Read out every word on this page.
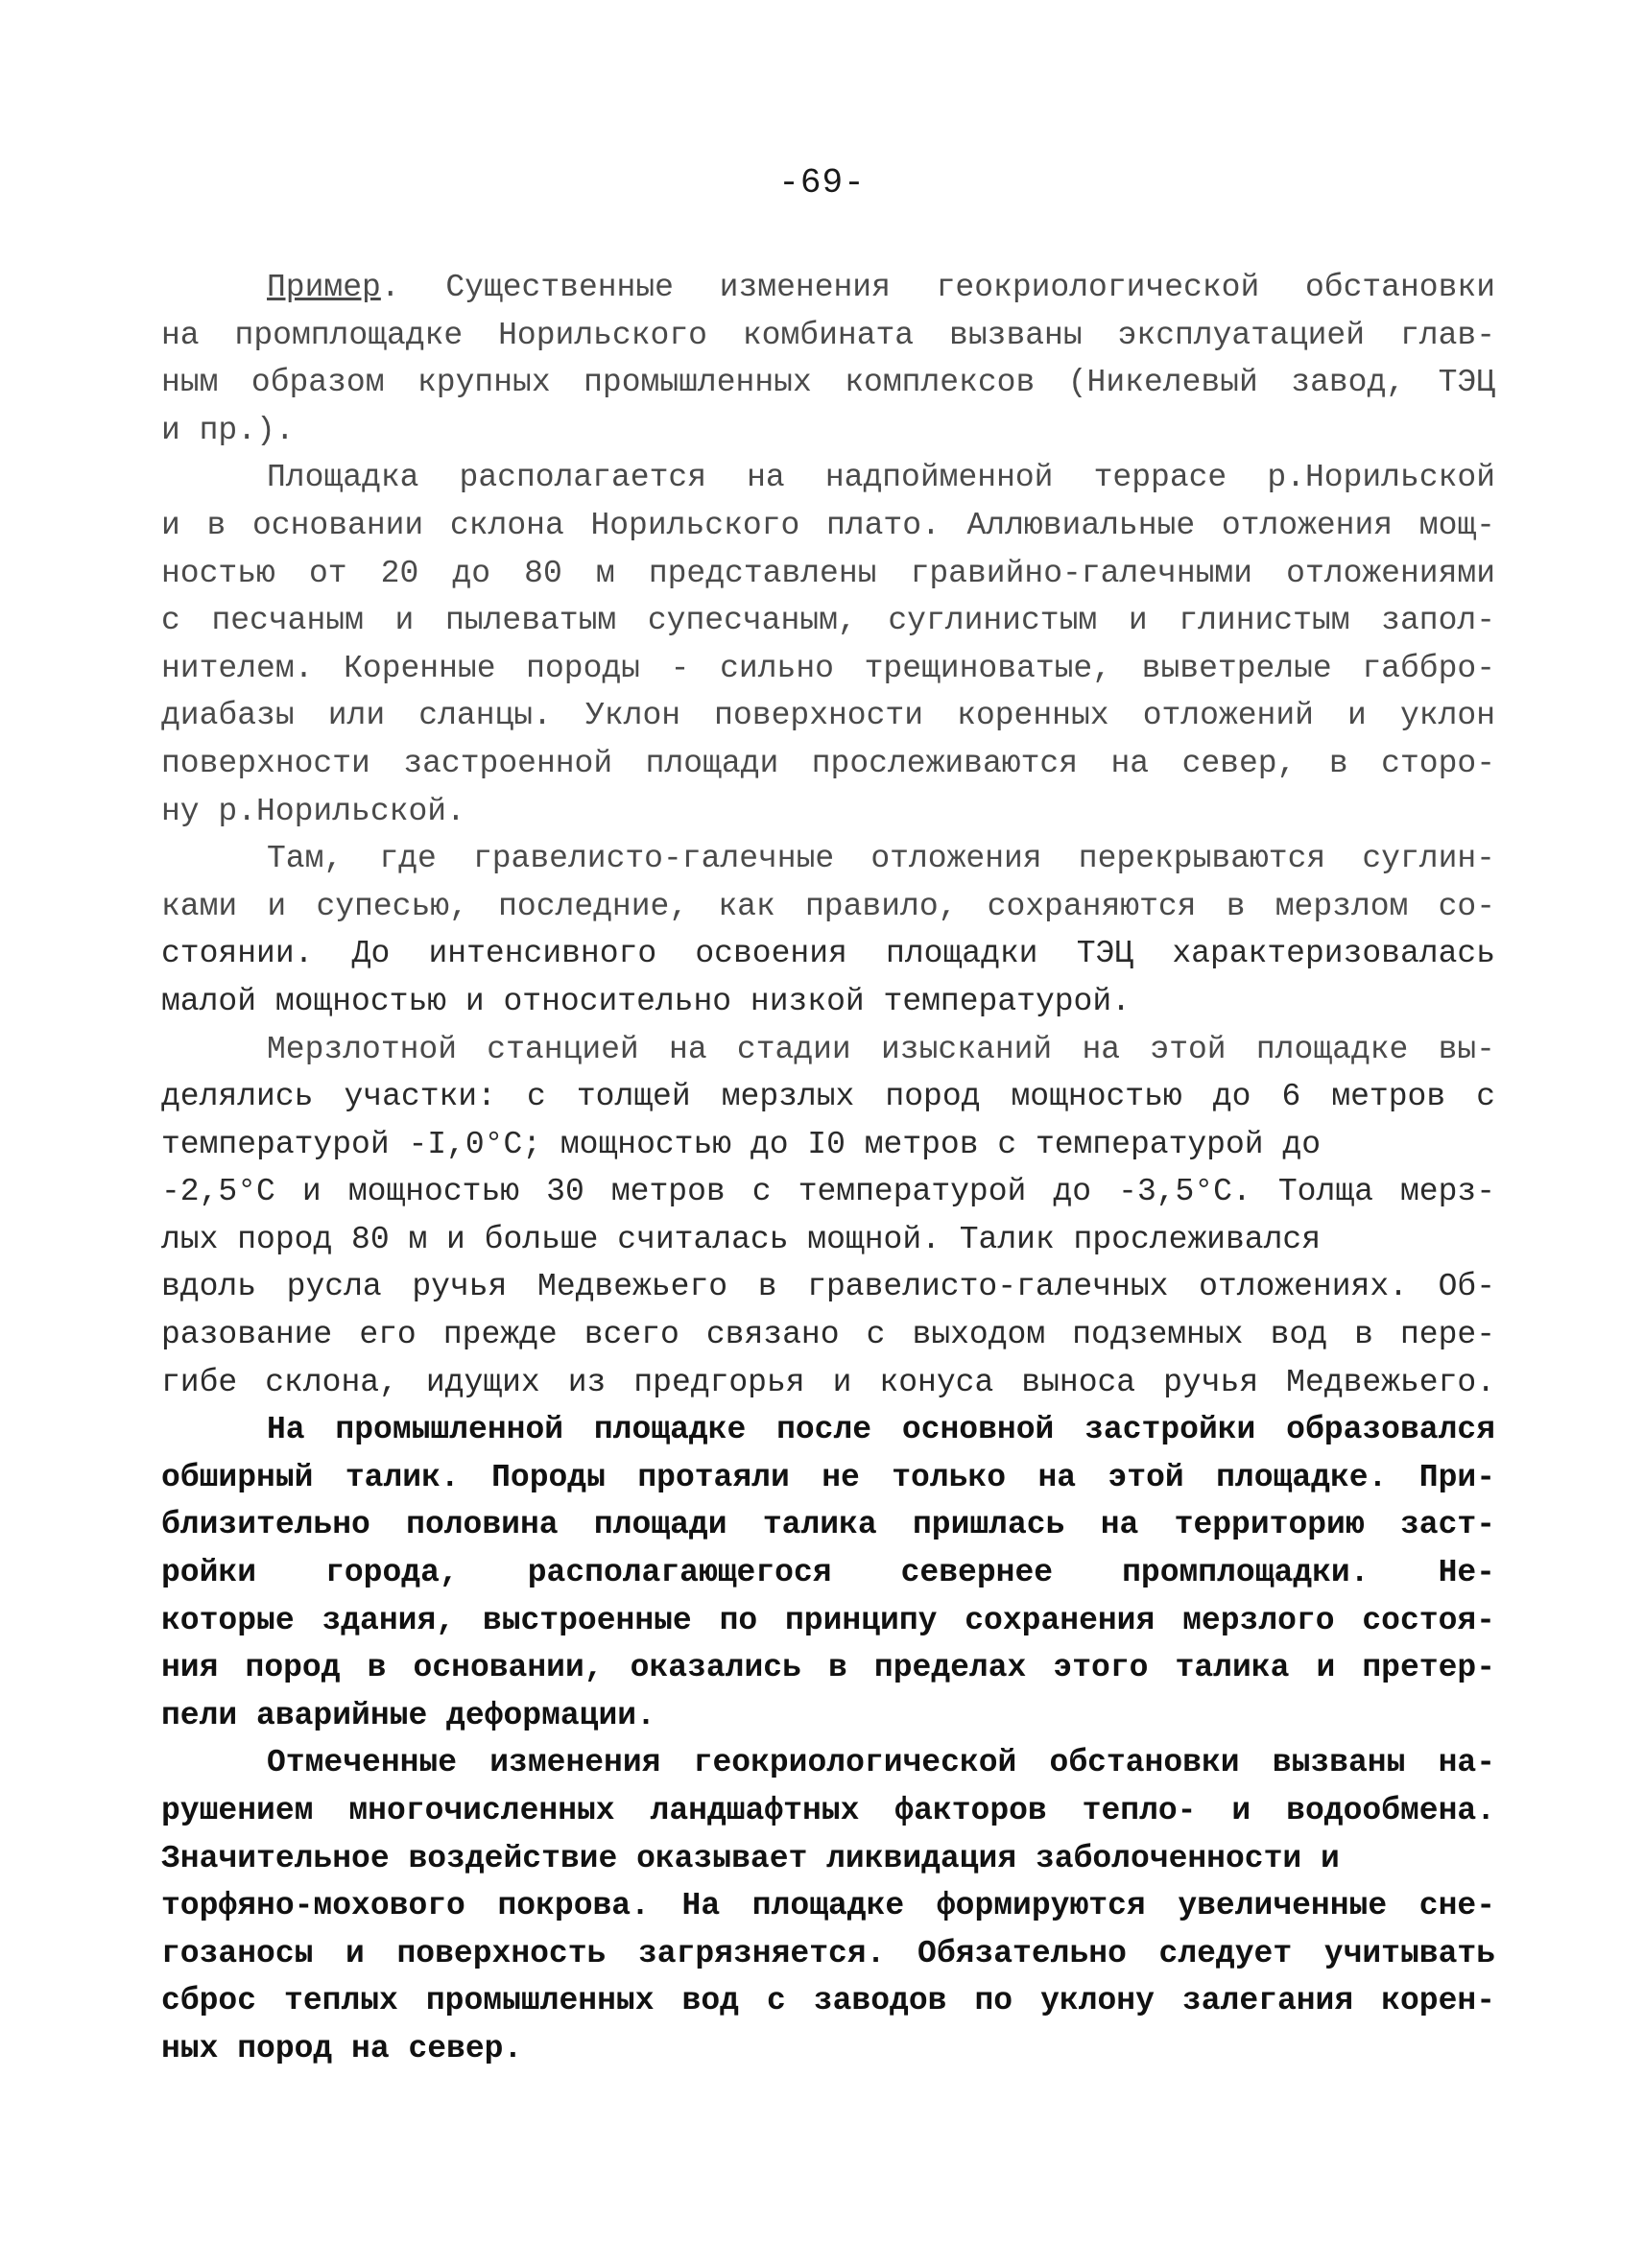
-69-
Пример. Существенные изменения геокриологической обстановки
на промплощадке Норильского комбината вызваны эксплуатацией глав-
ным образом крупных промышленных комплексов (Никелевый завод, ТЭЦ
и пр.).
Площадка располагается на надпойменной террасе р.Норильской
и в основании склона Норильского плато. Аллювиальные отложения мощ-
ностью от 20 до 80 м представлены гравийно-галечными отложениями
с песчаным и пылеватым супесчаным, суглинистым и глинистым запол-
нителем. Коренные породы - сильно трещиноватые, выветрелые габбро-
диабазы или сланцы. Уклон поверхности коренных отложений и уклон
поверхности застроенной площади прослеживаются на север, в сторо-
ну р.Норильской.
Там, где гравелисто-галечные отложения перекрываются суглин-
ками и супесью, последние, как правило, сохраняются в мерзлом со-
стоянии. До интенсивного освоения площадки ТЭЦ характеризовалась
малой мощностью и относительно низкой температурой.
Мерзлотной станцией на стадии изысканий на этой площадке вы-
делялись участки: с толщей мерзлых пород мощностью до 6 метров с
температурой -I,0°C; мощностью до I0 метров с температурой до
-2,5°C и мощностью 30 метров с температурой до -3,5°C. Толща мерз-
лых пород 80 м и больше считалась мощной. Талик прослеживался
вдоль русла ручья Медвежьего в гравелисто-галечных отложениях. Об-
разование его прежде всего связано с выходом подземных вод в пере-
гибе склона, идущих из предгорья и конуса выноса ручья Медвежьего.
На промышленной площадке после основной застройки образовался
обширный талик. Породы протаяли не только на этой площадке. При-
близительно половина площади талика пришлась на территорию заст-
ройки города, располагающегося севернее промплощадки. Не-
которые здания, выстроенные по принципу сохранения мерзлого состоя-
ния пород в основании, оказались в пределах этого талика и претер-
пели аварийные деформации.
Отмеченные изменения геокриологической обстановки вызваны на-
рушением многочисленных ландшафтных факторов тепло- и водообмена.
Значительное воздействие оказывает ликвидация заболоченности и
торфяно-мохового покрова. На площадке формируются увеличенные сне-
гозаносы и поверхность загрязняется. Обязательно следует учитывать
сброс теплых промышленных вод с заводов по уклону залегания корен-
ных пород на север.
